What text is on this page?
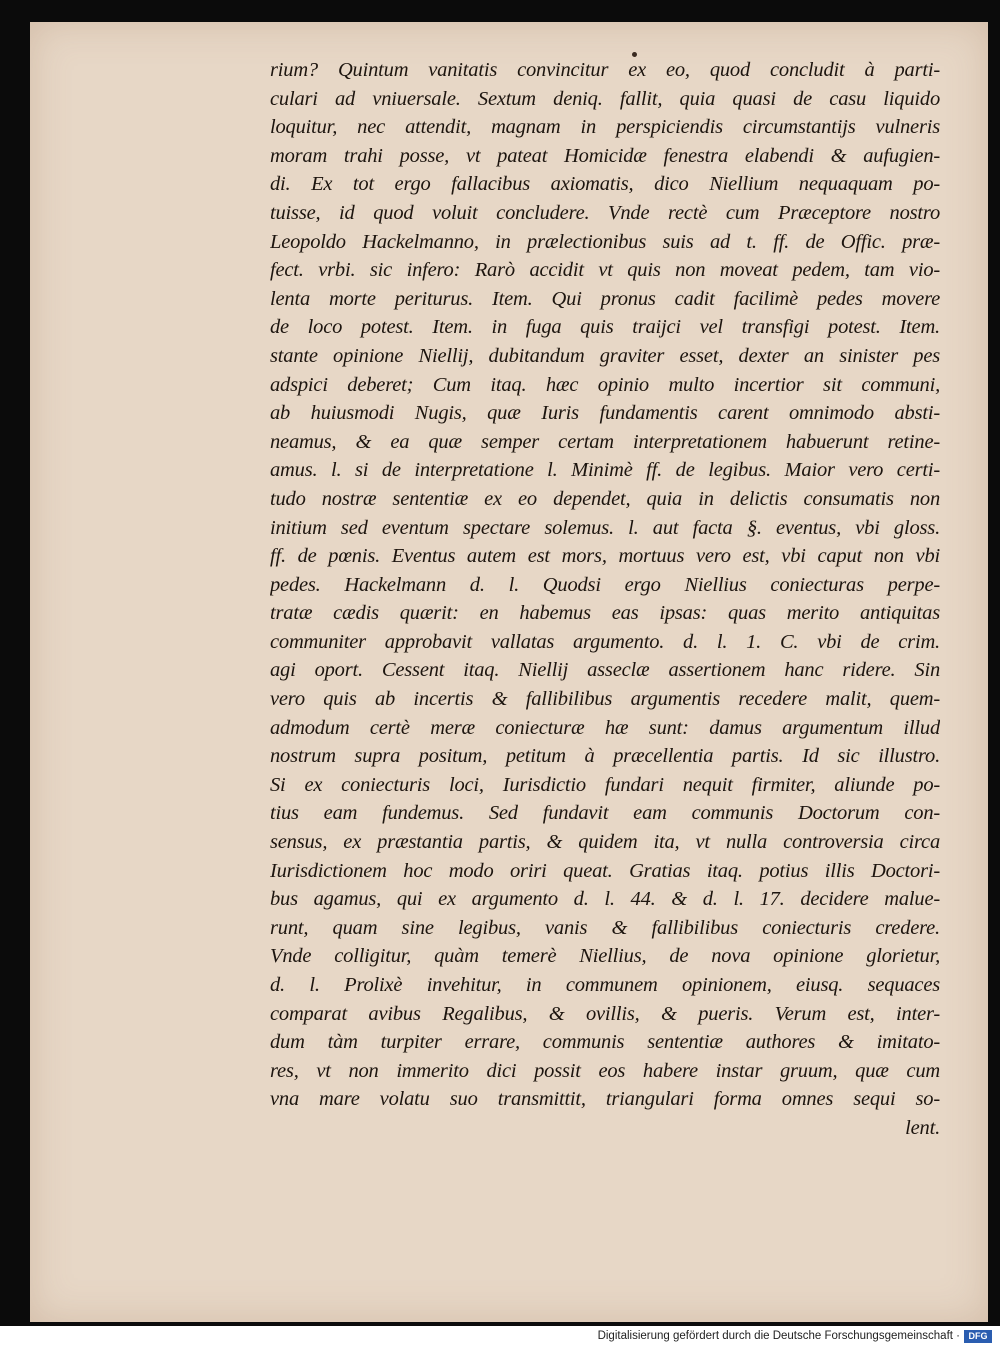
rium? Quintum vanitatis convincitur ex eo, quod concludit à parti-
culari ad vniuersale. Sextum deniq. fallit, quia quasi de casu liquido
loquitur, nec attendit, magnam in perspiciendis circumstantijs vulneris
moram trahi posse, vt pateat Homicidæ fenestra elabendi & aufugien-
di. Ex tot ergo fallacibus axiomatis, dico Niellium nequaquam po-
tuisse, id quod voluit concludere. Vnde rectè cum Præceptore nostro
Leopoldo Hackelmanno, in prælectionibus suis ad t. ff. de Offic. præ-
fect. vrbi. sic infero: Rarò accidit vt quis non moveat pedem, tam vio-
lenta morte periturus. Item. Qui pronus cadit facilimè pedes movere
de loco potest. Item. in fuga quis traijci vel transfigi potest. Item.
stante opinione Niellij, dubitandum graviter esset, dexter an sinister pes
adspici deberet; Cum itaq. hæc opinio multo incertior sit communi,
ab huiusmodi Nugis, quæ Iuris fundamentis carent omnimodo absti-
neamus, & ea quæ semper certam interpretationem habuerunt retine-
amus. l. si de interpretatione l. Minimè ff. de legibus. Maior vero certi-
tudo nostræ sententiæ ex eo dependet, quia in delictis consumatis non
initium sed eventum spectare solemus. l. aut facta §. eventus, vbi gloss.
ff. de pœnis. Eventus autem est mors, mortuus vero est, vbi caput non vbi
pedes. Hackelmann d. l. Quodsi ergo Niellius coniecturas perpe-
tratæ cædis quærit: en habemus eas ipsas: quas merito antiquitas
communiter approbavit vallatas argumento. d. l. 1. C. vbi de crim.
agi oport. Cessent itaq. Niellij asseclæ assertionem hanc ridere. Sin
vero quis ab incertis & fallibilibus argumentis recedere malit, quem-
admodum certè meræ coniecturæ hæ sunt: damus argumentum illud
nostrum supra positum, petitum à præcellentia partis. Id sic illustro.
Si ex coniecturis loci, Iurisdictio fundari nequit firmiter, aliunde po-
tius eam fundemus. Sed fundavit eam communis Doctorum con-
sensus, ex præstantia partis, & quidem ita, vt nulla controversia circa
Iurisdictionem hoc modo oriri queat. Gratias itaq. potius illis Doctori-
bus agamus, qui ex argumento d. l. 44. & d. l. 17. decidere malue-
runt, quam sine legibus, vanis & fallibilibus coniecturis credere.
Vnde colligitur, quàm temerè Niellius, de nova opinione glorietur,
d. l. Prolixè invehitur, in communem opinionem, eiusq. sequaces
comparat avibus Regalibus, & ovillis, & pueris. Verum est, inter-
dum tàm turpiter errare, communis sententiæ authores & imitato-
res, vt non immerito dici possit eos habere instar gruum, quæ cum
vna mare volatu suo transmittit, triangulari forma omnes sequi so-
lent.
Digitalisierung gefördert durch die Deutsche Forschungsgemeinschaft · DFG
